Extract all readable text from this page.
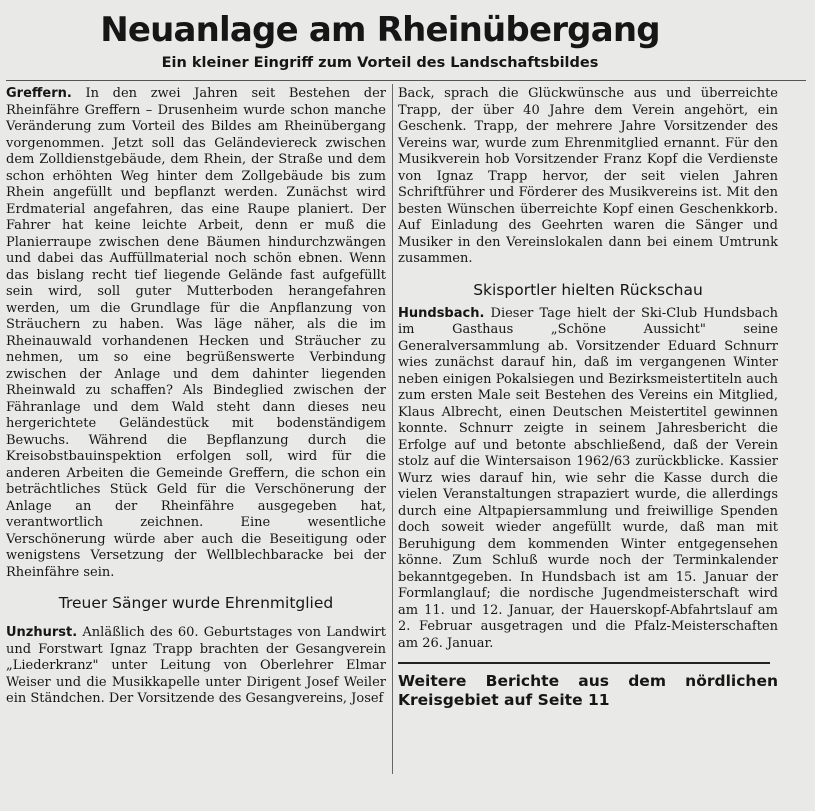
Neuanlage am Rheinübergang
Ein kleiner Eingriff zum Vorteil des Landschaftsbildes

Greffern. In den zwei Jahren seit Bestehen der Rheinfähre Greffern – Drusenheim wurde schon manche Veränderung zum Vorteil des Bildes am Rheinübergang vorgenommen. Jetzt soll das Geländeviereck zwischen dem Zolldienstgebäude, dem Rhein, der Straße und dem schon erhöhten Weg hinter dem Zollgebäude bis zum Rhein angefüllt und bepflanzt werden. Zunächst wird Erdmaterial angefahren, das eine Raupe planiert. Der Fahrer hat keine leichte Arbeit, denn er muß die Planierraupe zwischen dene Bäumen hindurchzwängen und dabei das Auffüllmaterial noch schön ebnen. Wenn das bislang recht tief liegende Gelände fast aufgefüllt sein wird, soll guter Mutterboden herangefahren werden, um die Grundlage für die Anpflanzung von Sträuchern zu haben. Was läge näher, als die im Rheinauwald vorhandenen Hecken und Sträucher zu nehmen, um so eine begrüßenswerte Verbindung zwischen der Anlage und dem dahinter liegenden Rheinwald zu schaffen? Als Bindeglied zwischen der Fähranlage und dem Wald steht dann dieses neu hergerichtete Geländestück mit bodenständigem Bewuchs. Während die Bepflanzung durch die Kreisobstbauinspektion erfolgen soll, wird für die anderen Arbeiten die Gemeinde Greffern, die schon ein beträchtliches Stück Geld für die Verschönerung der Anlage an der Rheinfähre ausgegeben hat, verantwortlich zeichnen. Eine wesentliche Verschönerung würde aber auch die Beseitigung oder wenigstens Versetzung der Wellblechbaracke bei der Rheinfähre sein.

Treuer Sänger wurde Ehrenmitglied

Unzhurst. Anläßlich des 60. Geburtstages von Landwirt und Forstwart Ignaz Trapp brachten der Gesangverein „Liederkranz" unter Leitung von Oberlehrer Elmar Weiser und die Musikkapelle unter Dirigent Josef Weiler ein Ständchen. Der Vorsitzende des Gesangvereins, Josef

Back, sprach die Glückwünsche aus und überreichte Trapp, der über 40 Jahre dem Verein angehört, ein Geschenk. Trapp, der mehrere Jahre Vorsitzender des Vereins war, wurde zum Ehrenmitglied ernannt. Für den Musikverein hob Vorsitzender Franz Kopf die Verdienste von Ignaz Trapp hervor, der seit vielen Jahren Schriftführer und Förderer des Musikvereins ist. Mit den besten Wünschen überreichte Kopf einen Geschenkkorb. Auf Einladung des Geehrten waren die Sänger und Musiker in den Vereinslokalen dann bei einem Umtrunk zusammen.

Skisportler hielten Rückschau

Hundsbach. Dieser Tage hielt der Ski-Club Hundsbach im Gasthaus „Schöne Aussicht" seine Generalversammlung ab. Vorsitzender Eduard Schnurr wies zunächst darauf hin, daß im vergangenen Winter neben einigen Pokalsiegen und Bezirksmeistertiteln auch zum ersten Male seit Bestehen des Vereins ein Mitglied, Klaus Albrecht, einen Deutschen Meistertitel gewinnen konnte. Schnurr zeigte in seinem Jahresbericht die Erfolge auf und betonte abschließend, daß der Verein stolz auf die Wintersaison 1962/63 zurückblicke. Kassier Wurz wies darauf hin, wie sehr die Kasse durch die vielen Veranstaltungen strapaziert wurde, die allerdings durch eine Altpapiersammlung und freiwillige Spenden doch soweit wieder angefüllt wurde, daß man mit Beruhigung dem kommenden Winter entgegensehen könne. Zum Schluß wurde noch der Terminkalender bekanntgegeben. In Hundsbach ist am 15. Januar der Formlanglauf; die nordische Jugendmeisterschaft wird am 11. und 12. Januar, der Hauerskopf-Abfahrtslauf am 2. Februar ausgetragen und die Pfalz-Meisterschaften am 26. Januar.

Weitere Berichte aus dem nördlichen Kreisgebiet auf Seite 11
